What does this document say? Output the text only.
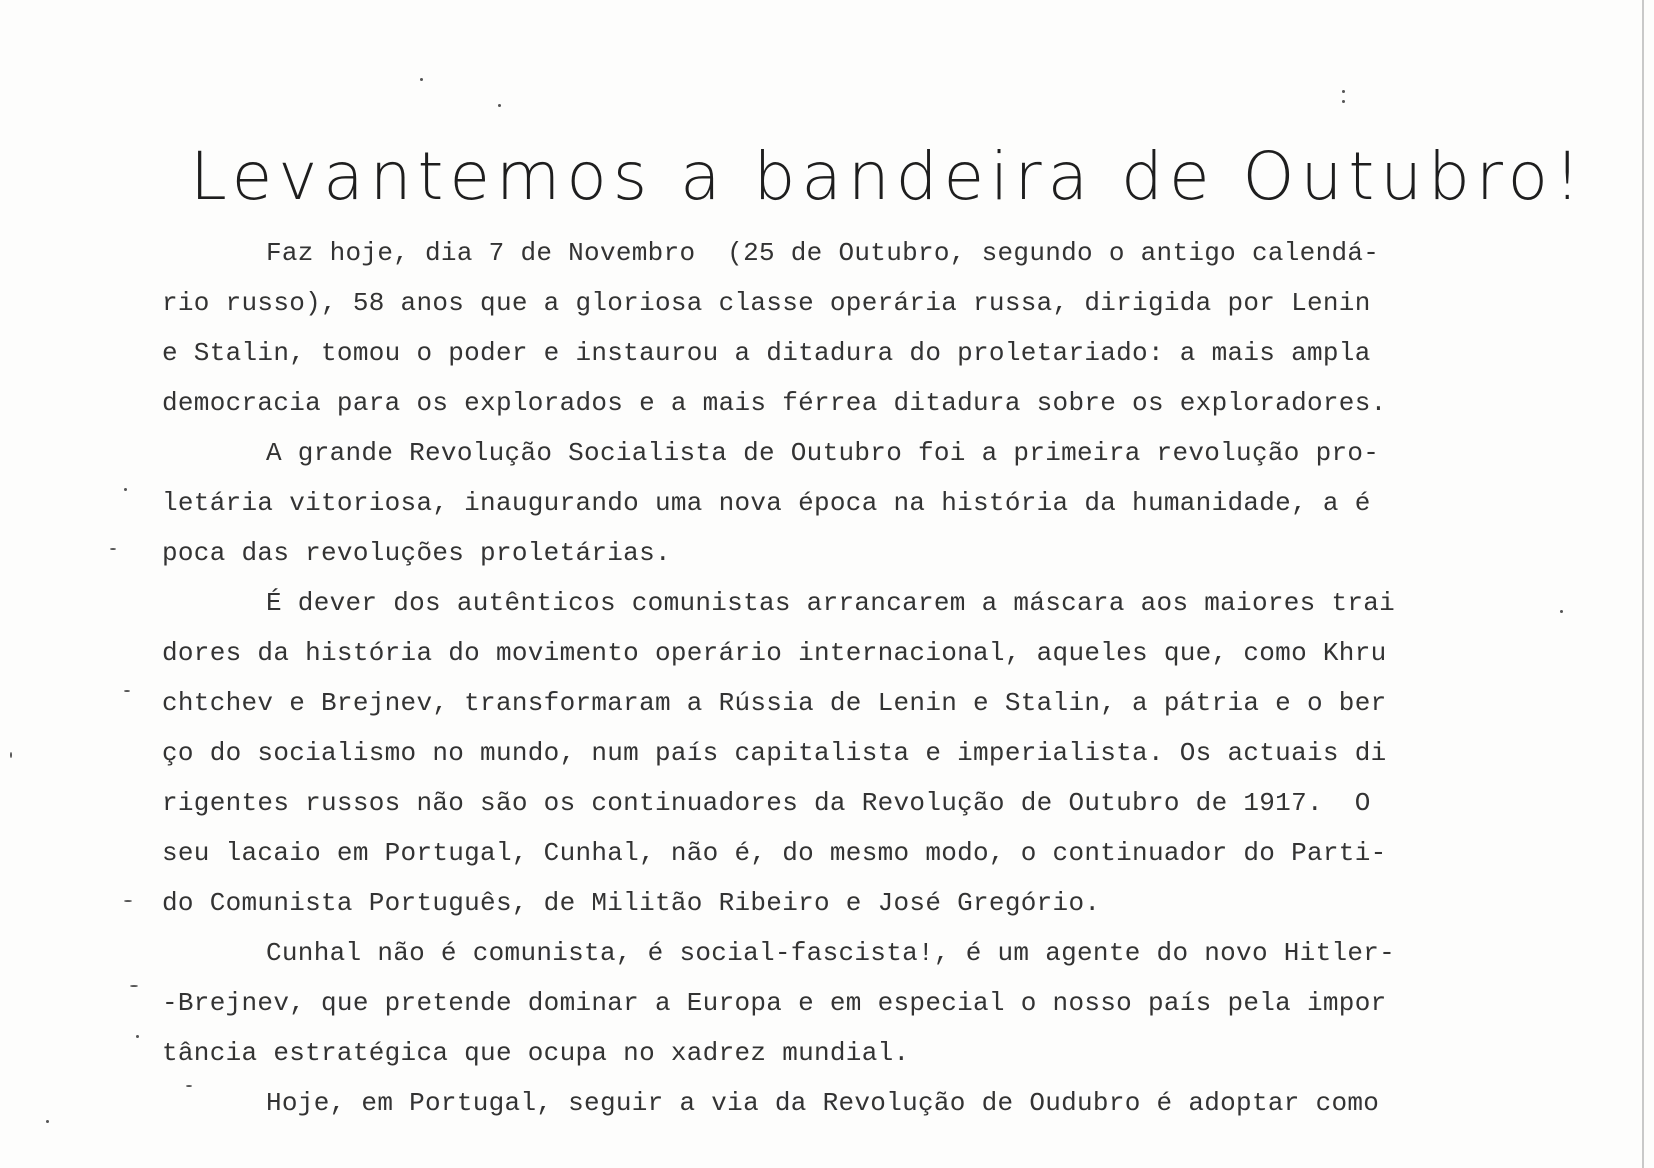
Levantemos a bandeira de Outubro!
Faz hoje, dia 7 de Novembro  (25 de Outubro, segundo o antigo calendá-
rio russo), 58 anos que a gloriosa classe operária russa, dirigida por Lenin
e Stalin, tomou o poder e instaurou a ditadura do proletariado: a mais ampla
democracia para os explorados e a mais férrea ditadura sobre os exploradores.
A grande Revolução Socialista de Outubro foi a primeira revolução pro-
letária vitoriosa, inaugurando uma nova época na história da humanidade, a é
poca das revoluções proletárias.
É dever dos autênticos comunistas arrancarem a máscara aos maiores trai
dores da história do movimento operário internacional, aqueles que, como Khru
chtchev e Brejnev, transformaram a Rússia de Lenin e Stalin, a pátria e o ber
ço do socialismo no mundo, num país capitalista e imperialista. Os actuais di
rigentes russos não são os continuadores da Revolução de Outubro de 1917.  O
seu lacaio em Portugal, Cunhal, não é, do mesmo modo, o continuador do Parti-
do Comunista Português, de Militão Ribeiro e José Gregório.
Cunhal não é comunista, é social-fascista!, é um agente do novo Hitler-
-Brejnev, que pretende dominar a Europa e em especial o nosso país pela impor
tância estratégica que ocupa no xadrez mundial.
Hoje, em Portugal, seguir a via da Revolução de Oudubro é adoptar como
